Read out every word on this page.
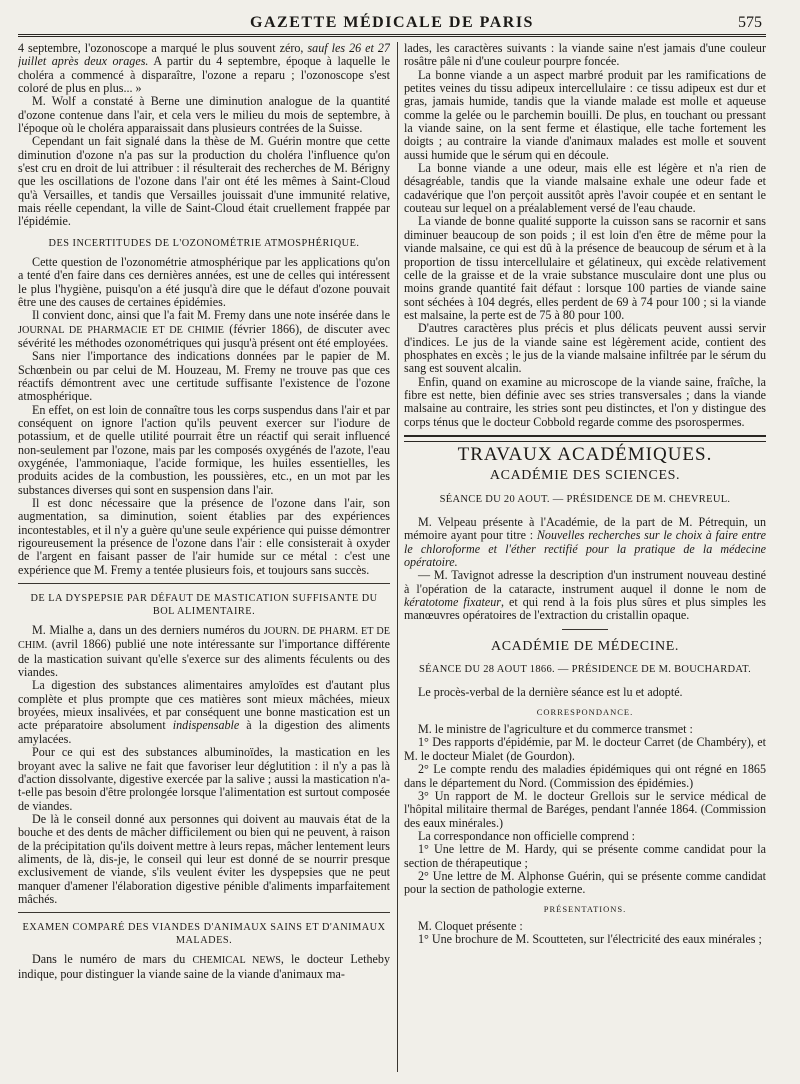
GAZETTE MÉDICALE DE PARIS	575

4 septembre, l'ozonoscope a marqué le plus souvent zéro, sauf les 26 et 27 juillet après deux orages. A partir du 4 septembre, époque à laquelle le choléra a commencé à disparaître, l'ozone a reparu ; l'ozonoscope s'est coloré de plus en plus... »

M. Wolf a constaté à Berne une diminution analogue de la quantité d'ozone contenue dans l'air, et cela vers le milieu du mois de septembre, à l'époque où le choléra apparaissait dans plusieurs contrées de la Suisse.

Cependant un fait signalé dans la thèse de M. Guérin montre que cette diminution d'ozone n'a pas sur la production du choléra l'influence qu'on s'est cru en droit de lui attribuer : il résulterait des recherches de M. Bérigny que les oscillations de l'ozone dans l'air ont été les mêmes à Saint-Cloud qu'à Versailles, et tandis que Versailles jouissait d'une immunité relative, mais réelle cependant, la ville de Saint-Cloud était cruellement frappée par l'épidémie.

DES INCERTITUDES DE L'OZONOMÉTRIE ATMOSPHÉRIQUE.

Cette question de l'ozonométrie atmosphérique par les applications qu'on a tenté d'en faire dans ces dernières années, est une de celles qui intéressent le plus l'hygiène, puisqu'on a été jusqu'à dire que le défaut d'ozone pouvait être une des causes de certaines épidémies.

Il convient donc, ainsi que l'a fait M. Fremy dans une note insérée dans le JOURNAL DE PHARMACIE ET DE CHIMIE (février 1866), de discuter avec sévérité les méthodes ozonométriques qui jusqu'à présent ont été employées.

Sans nier l'importance des indications données par le papier de M. Schœnbein ou par celui de M. Houzeau, M. Fremy ne trouve pas que ces réactifs démontrent avec une certitude suffisante l'existence de l'ozone atmosphérique.

En effet, on est loin de connaître tous les corps suspendus dans l'air et par conséquent on ignore l'action qu'ils peuvent exercer sur l'iodure de potassium, et de quelle utilité pourrait être un réactif qui serait influencé non-seulement par l'ozone, mais par les composés oxygénés de l'azote, l'eau oxygénée, l'ammoniaque, l'acide formique, les huiles essentielles, les produits acides de la combustion, les poussières, etc., en un mot par les substances diverses qui sont en suspension dans l'air.

Il est donc nécessaire que la présence de l'ozone dans l'air, son augmentation, sa diminution, soient établies par des expériences incontestables, et il n'y a guère qu'une seule expérience qui puisse démontrer rigoureusement la présence de l'ozone dans l'air : elle consisterait à oxyder de l'argent en faisant passer de l'air humide sur ce métal : c'est une expérience que M. Fremy a tentée plusieurs fois, et toujours sans succès.

DE LA DYSPEPSIE PAR DÉFAUT DE MASTICATION SUFFISANTE DU BOL ALIMENTAIRE.

M. Mialhe a, dans un des derniers numéros du JOURN. DE PHARM. ET DE CHIM. (avril 1866) publié une note intéressante sur l'importance différente de la mastication suivant qu'elle s'exerce sur des aliments féculents ou des viandes.

La digestion des substances alimentaires amyloïdes est d'autant plus complète et plus prompte que ces matières sont mieux mâchées, mieux broyées, mieux insalivées, et par conséquent une bonne mastication est un acte préparatoire absolument indispensable à la digestion des aliments amylacées.

Pour ce qui est des substances albuminoïdes, la mastication en les broyant avec la salive ne fait que favoriser leur déglutition : il n'y a pas là d'action dissolvante, digestive exercée par la salive ; aussi la mastication n'a-t-elle pas besoin d'être prolongée lorsque l'alimentation est surtout composée de viandes.

De là le conseil donné aux personnes qui doivent au mauvais état de la bouche et des dents de mâcher difficilement ou bien qui ne peuvent, à raison de la précipitation qu'ils doivent mettre à leurs repas, mâcher lentement leurs aliments, de là, dis-je, le conseil qui leur est donné de se nourrir presque exclusivement de viande, s'ils veulent éviter les dyspepsies que ne peut manquer d'amener l'élaboration digestive pénible d'aliments imparfaitement mâchés.

EXAMEN COMPARÉ DES VIANDES D'ANIMAUX SAINS ET D'ANIMAUX MALADES.

Dans le numéro de mars du CHEMICAL NEWS, le docteur Letheby indique, pour distinguer la viande saine de la viande d'animaux ma-

lades, les caractères suivants : la viande saine n'est jamais d'une couleur rosâtre pâle ni d'une couleur pourpre foncée.

La bonne viande a un aspect marbré produit par les ramifications de petites veines du tissu adipeux intercellulaire : ce tissu adipeux est dur et gras, jamais humide, tandis que la viande malade est molle et aqueuse comme la gelée ou le parchemin bouilli. De plus, en touchant ou pressant la viande saine, on la sent ferme et élastique, elle tache fortement les doigts ; au contraire la viande d'animaux malades est molle et souvent aussi humide que le sérum qui en découle.

La bonne viande a une odeur, mais elle est légère et n'a rien de désagréable, tandis que la viande malsaine exhale une odeur fade et cadavérique que l'on perçoit aussitôt après l'avoir coupée et en sentant le couteau sur lequel on a préalablement versé de l'eau chaude.

La viande de bonne qualité supporte la cuisson sans se racornir et sans diminuer beaucoup de son poids ; il est loin d'en être de même pour la viande malsaine, ce qui est dû à la présence de beaucoup de sérum et à la proportion de tissu intercellulaire et gélatineux, qui excède relativement celle de la graisse et de la vraie substance musculaire dont une plus ou moins grande quantité fait défaut : lorsque 100 parties de viande saine sont séchées à 104 degrés, elles perdent de 69 à 74 pour 100 ; si la viande est malsaine, la perte est de 75 à 80 pour 100.

D'autres caractères plus précis et plus délicats peuvent aussi servir d'indices. Le jus de la viande saine est légèrement acide, contient des phosphates en excès ; le jus de la viande malsaine infiltrée par le sérum du sang est souvent alcalin.

Enfin, quand on examine au microscope de la viande saine, fraîche, la fibre est nette, bien définie avec ses stries transversales ; dans la viande malsaine au contraire, les stries sont peu distinctes, et l'on y distingue des corps ténus que le docteur Cobbold regarde comme des psorospermes.

TRAVAUX ACADÉMIQUES.
ACADÉMIE DES SCIENCES.
SÉANCE DU 20 AOUT. — PRÉSIDENCE DE M. CHEVREUL.

M. Velpeau présente à l'Académie, de la part de M. Pétrequin, un mémoire ayant pour titre : Nouvelles recherches sur le choix à faire entre le chloroforme et l'éther rectifié pour la pratique de la médecine opératoire.

— M. Tavignot adresse la description d'un instrument nouveau destiné à l'opération de la cataracte, instrument auquel il donne le nom de kératotome fixateur, et qui rend à la fois plus sûres et plus simples les manœuvres opératoires de l'extraction du cristallin opaque.

ACADÉMIE DE MÉDECINE.
SÉANCE DU 28 AOUT 1866. — PRÉSIDENCE DE M. BOUCHARDAT.

Le procès-verbal de la dernière séance est lu et adopté.

CORRESPONDANCE.

M. le ministre de l'agriculture et du commerce transmet :

1° Des rapports d'épidémie, par M. le docteur Carret (de Chambéry), et M. le docteur Mialet (de Gourdon).

2° Le compte rendu des maladies épidémiques qui ont régné en 1865 dans le département du Nord. (Commission des épidémies.)

3° Un rapport de M. le docteur Grellois sur le service médical de l'hôpital militaire thermal de Baréges, pendant l'année 1864. (Commission des eaux minérales.)

La correspondance non officielle comprend :

1° Une lettre de M. Hardy, qui se présente comme candidat pour la section de thérapeutique ;

2° Une lettre de M. Alphonse Guérin, qui se présente comme candidat pour la section de pathologie externe.

PRÉSENTATIONS.

M. Cloquet présente :

1° Une brochure de M. Scoutteten, sur l'électricité des eaux minérales ;
